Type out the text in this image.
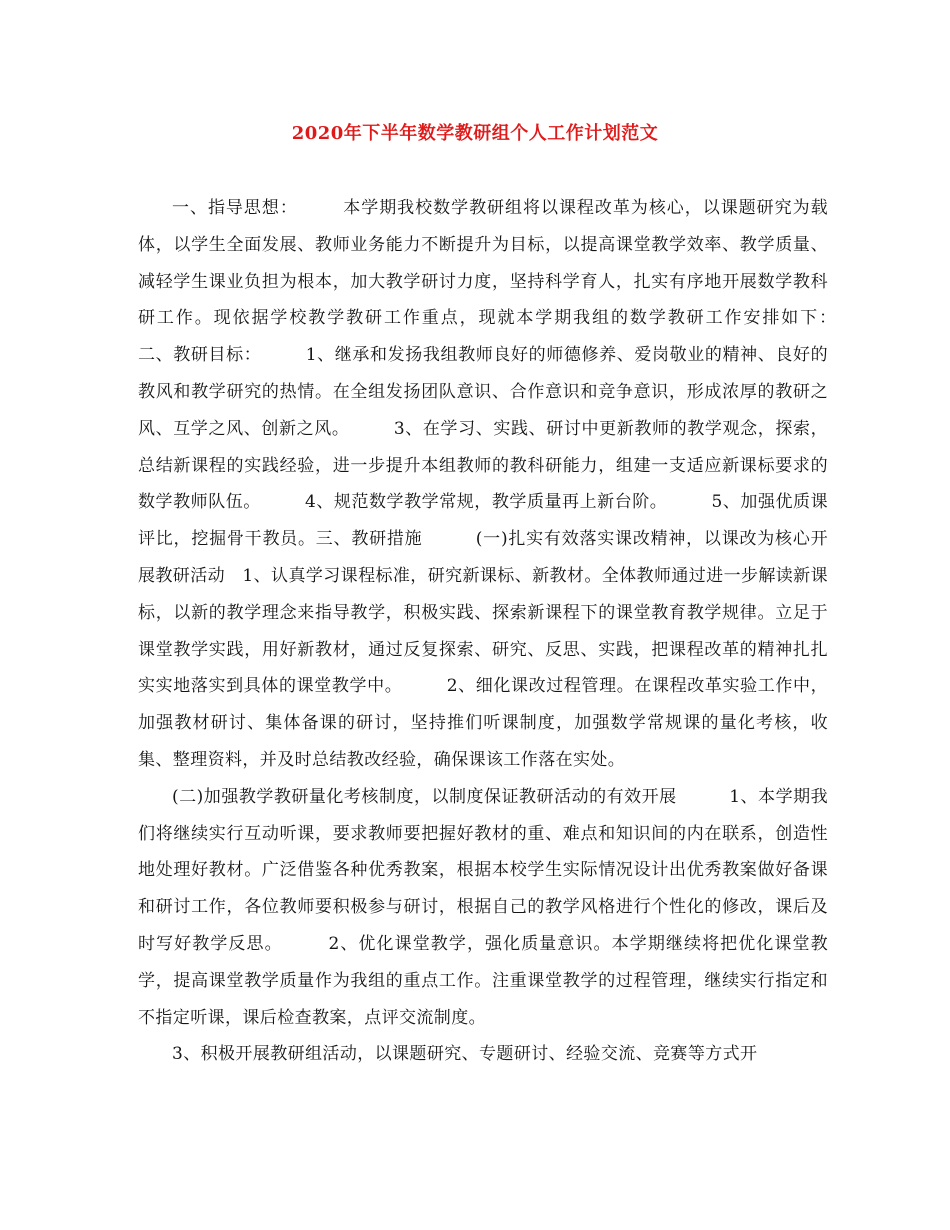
2020年下半年数学教研组个人工作计划范文

一、指导思想：　　　本学期我校数学教研组将以课程改革为核心，以课题研究为载体，以学生全面发展、教师业务能力不断提升为目标，以提高课堂教学效率、教学质量、减轻学生课业负担为根本，加大教学研讨力度，坚持科学育人，扎实有序地开展数学教科研工作。现依据学校教学教研工作重点，现就本学期我组的数学教研工作安排如下：　　　二、教研目标：　　　1、继承和发扬我组教师良好的师德修养、爱岗敬业的精神、良好的教风和教学研究的热情。在全组发扬团队意识、合作意识和竞争意识，形成浓厚的教研之风、互学之风、创新之风。　　　3、在学习、实践、研讨中更新教师的教学观念，探索，总结新课程的实践经验，进一步提升本组教师的教科研能力，组建一支适应新课标要求的数学教师队伍。　　　4、规范数学教学常规，教学质量再上新台阶。　　　5、加强优质课评比，挖掘骨干教员。三、教研措施　　　(一)扎实有效落实课改精神，以课改为核心开展教研活动　1、认真学习课程标准，研究新课标、新教材。全体教师通过进一步解读新课标，以新的教学理念来指导教学，积极实践、探索新课程下的课堂教育教学规律。立足于课堂教学实践，用好新教材，通过反复探索、研究、反思、实践，把课程改革的精神扎扎实实地落实到具体的课堂教学中。　　　2、细化课改过程管理。在课程改革实验工作中，加强教材研讨、集体备课的研讨，坚持推们听课制度，加强数学常规课的量化考核，收集、整理资料，并及时总结教改经验，确保课该工作落在实处。

(二)加强教学教研量化考核制度，以制度保证教研活动的有效开展　　　1、本学期我们将继续实行互动听课，要求教师要把握好教材的重、难点和知识间的内在联系，创造性地处理好教材。广泛借鉴各种优秀教案，根据本校学生实际情况设计出优秀教案做好备课和研讨工作，各位教师要积极参与研讨，根据自己的教学风格进行个性化的修改，课后及时写好教学反思。　　　2、优化课堂教学，强化质量意识。本学期继续将把优化课堂教学，提高课堂教学质量作为我组的重点工作。注重课堂教学的过程管理，继续实行指定和不指定听课，课后检查教案，点评交流制度。

3、积极开展教研组活动，以课题研究、专题研讨、经验交流、竞赛等方式开
